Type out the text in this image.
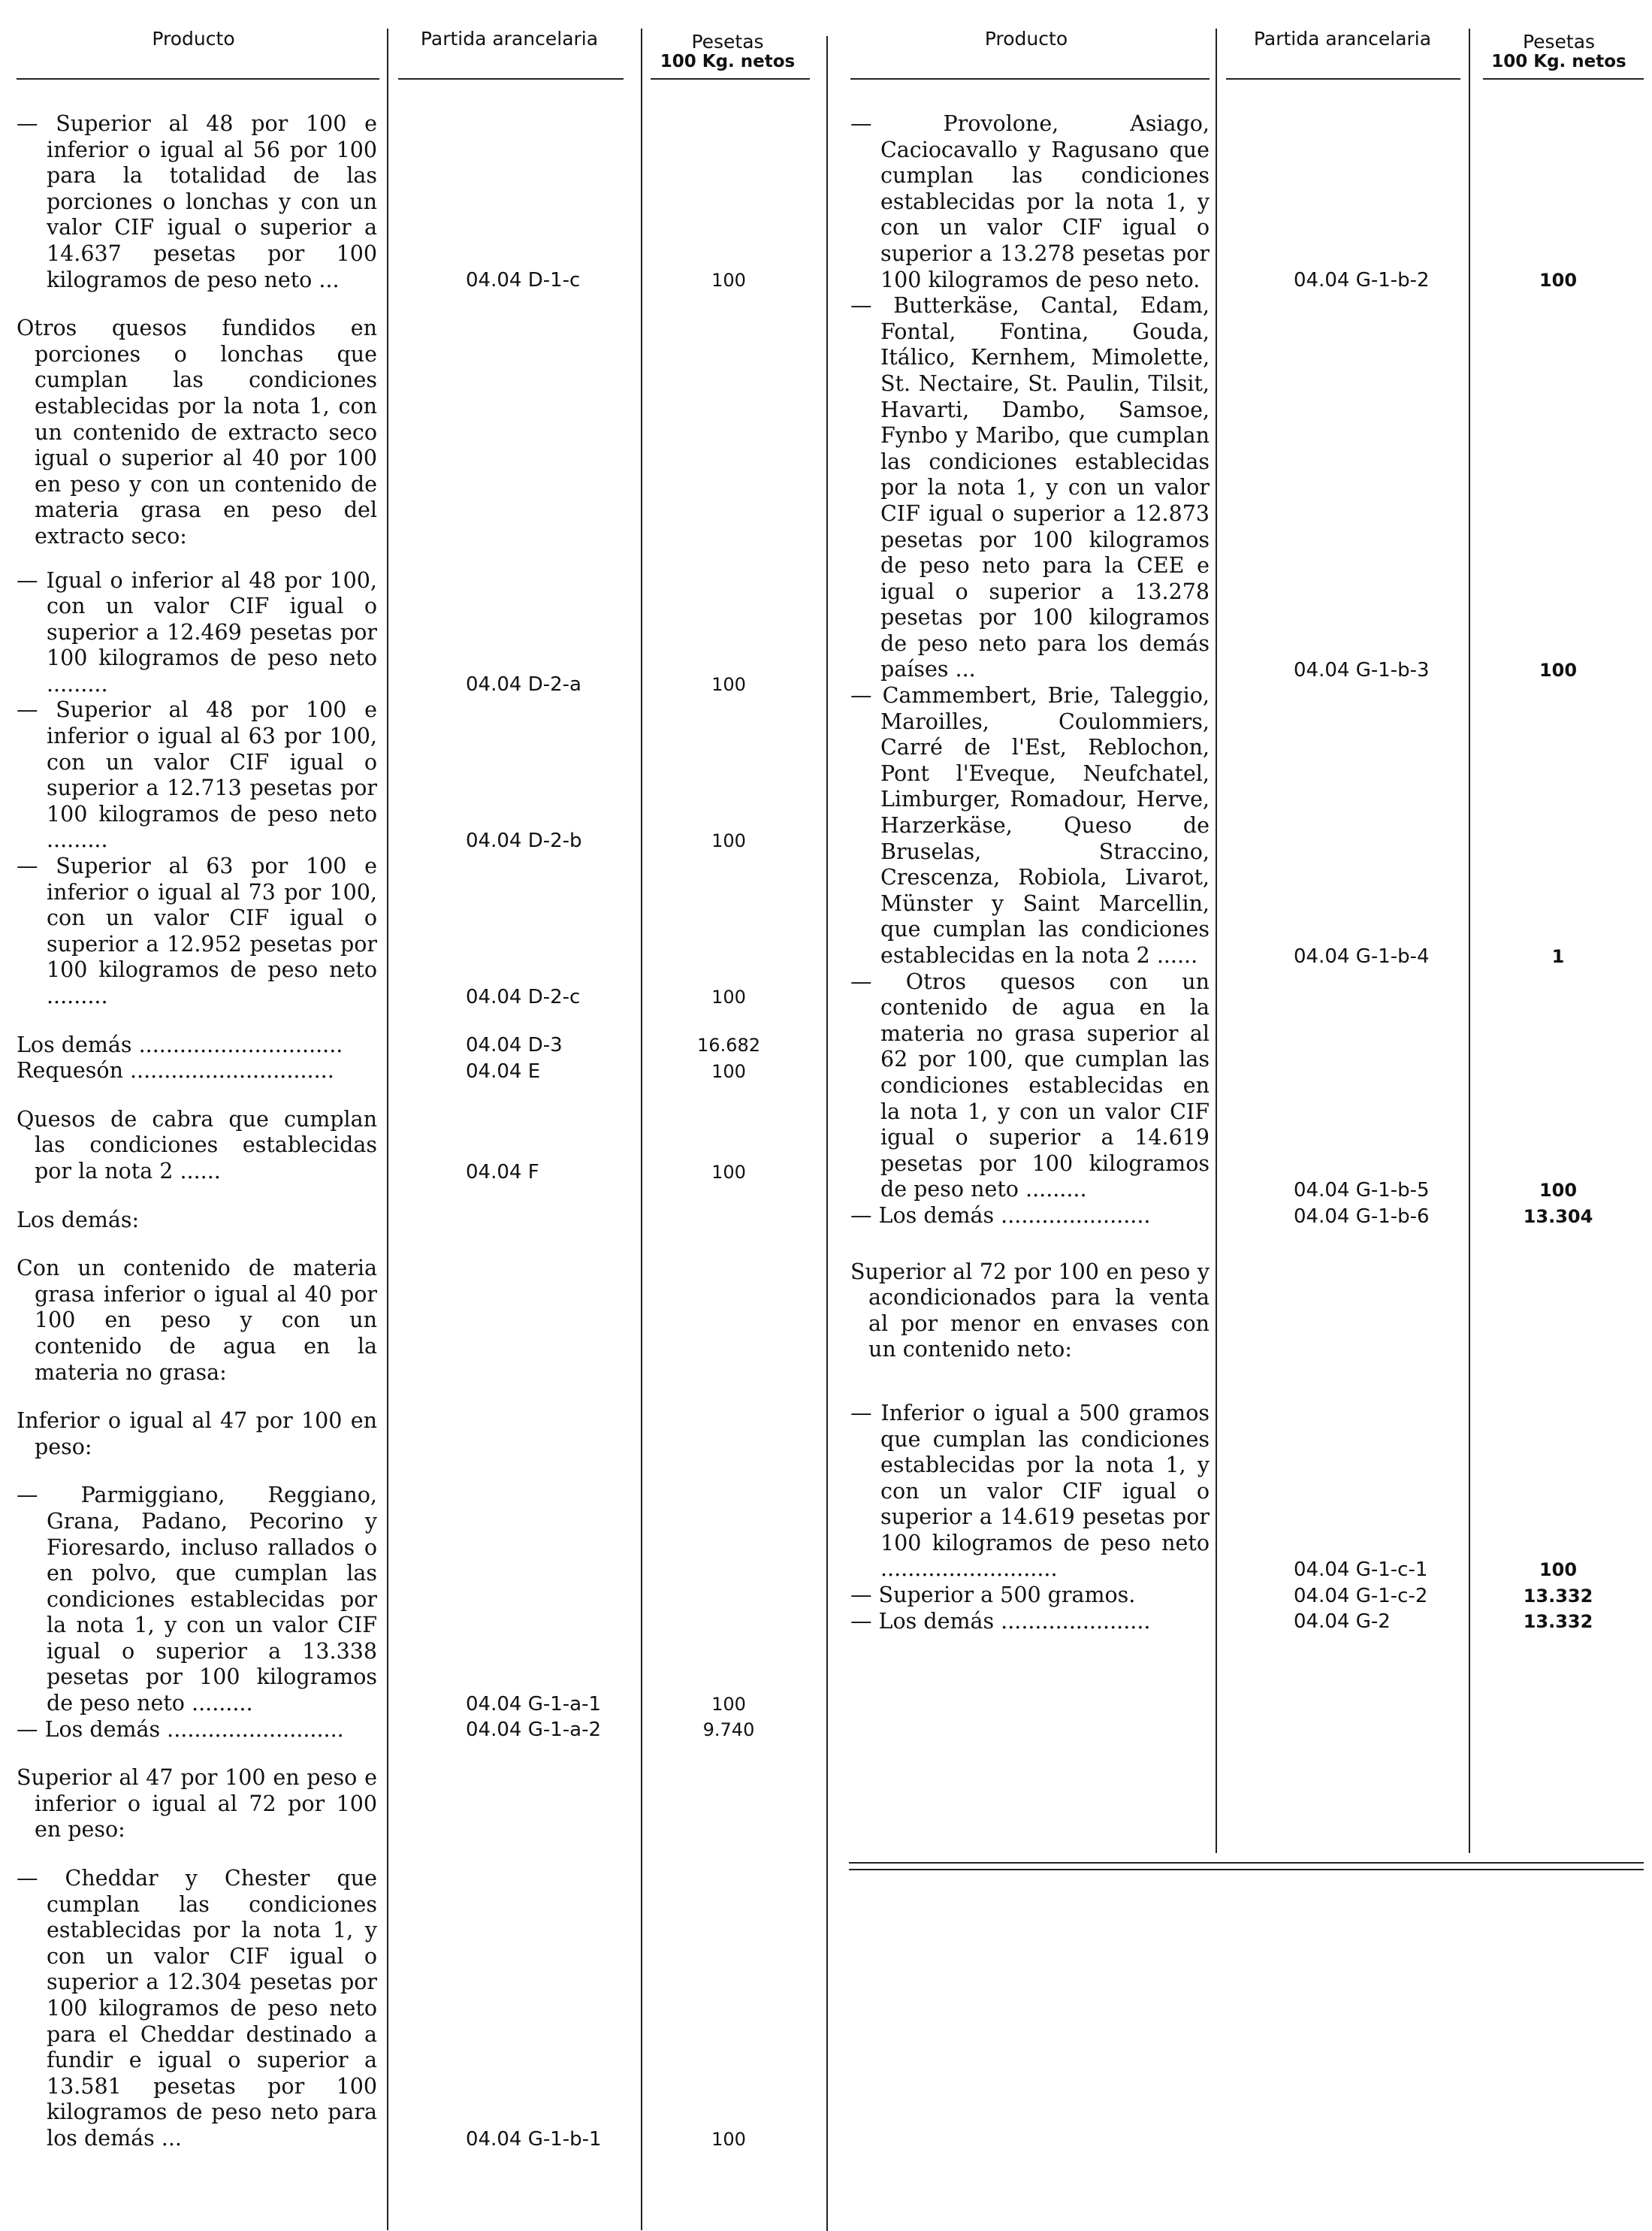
Producto	Partida arancelaria	Pesetas
100 Kg. netos
— Superior al 48 por 100 e inferior o igual al 56 por 100 para la totalidad de las porciones o lonchas y con un valor CIF igual o superior a 14.637 pesetas por 100 kilogramos de peso neto ...	04.04 D-1-c	100
Otros quesos fundidos en porciones o lonchas que cumplan las condiciones establecidas por la nota 1, con un contenido de extracto seco igual o superior al 40 por 100 en peso y con un contenido de materia grasa en peso del extracto seco:
— Igual o inferior al 48 por 100, con un valor CIF igual o superior a 12.469 pesetas por 100 kilogramos de peso neto .........	04.04 D-2-a	100
— Superior al 48 por 100 e inferior o igual al 63 por 100, con un valor CIF igual o superior a 12.713 pesetas por 100 kilogramos de peso neto .........	04.04 D-2-b	100
— Superior al 63 por 100 e inferior o igual al 73 por 100, con un valor CIF igual o superior a 12.952 pesetas por 100 kilogramos de peso neto .........	04.04 D-2-c	100
Los demás ..............................	04.04 D-3	16.682
Requesón ..............................	04.04 E	100
Quesos de cabra que cumplan las condiciones establecidas por la nota 2 ......	04.04 F	100
Los demás:
Con un contenido de materia grasa inferior o igual al 40 por 100 en peso y con un contenido de agua en la materia no grasa:
Inferior o igual al 47 por 100 en peso:
— Parmiggiano, Reggiano, Grana, Padano, Pecorino y Fioresardo, incluso rallados o en polvo, que cumplan las condiciones establecidas por la nota 1, y con un valor CIF igual o superior a 13.338 pesetas por 100 kilogramos de peso neto .........	04.04 G-1-a-1	100
— Los demás ..........................	04.04 G-1-a-2	9.740
Superior al 47 por 100 en peso e inferior o igual al 72 por 100 en peso:
— Cheddar y Chester que cumplan las condiciones establecidas por la nota 1, y con un valor CIF igual o superior a 12.304 pesetas por 100 kilogramos de peso neto para el Cheddar destinado a fundir e igual o superior a 13.581 pesetas por 100 kilogramos de peso neto para los demás ...	04.04 G-1-b-1	100
Producto	Partida arancelaria	Pesetas
100 Kg. netos
— Provolone, Asiago, Caciocavallo y Ragusano que cumplan las condiciones establecidas por la nota 1, y con un valor CIF igual o superior a 13.278 pesetas por 100 kilogramos de peso neto.	04.04 G-1-b-2	100
— Butterkäse, Cantal, Edam, Fontal, Fontina, Gouda, Itálico, Kernhem, Mimolette, St. Nectaire, St. Paulin, Tilsit, Havarti, Dambo, Samsoe, Fynbo y Maribo, que cumplan las condiciones establecidas por la nota 1, y con un valor CIF igual o superior a 12.873 pesetas por 100 kilogramos de peso neto para la CEE e igual o superior a 13.278 pesetas por 100 kilogramos de peso neto para los demás países ...	04.04 G-1-b-3	100
— Cammembert, Brie, Taleggio, Maroilles, Coulommiers, Carré de l'Est, Reblochon, Pont l'Eveque, Neufchatel, Limburger, Romadour, Herve, Harzerkäse, Queso de Bruselas, Straccino, Crescenza, Robiola, Livarot, Münster y Saint Marcellin, que cumplan las condiciones establecidas en la nota 2 ......	04.04 G-1-b-4	1
— Otros quesos con un contenido de agua en la materia no grasa superior al 62 por 100, que cumplan las condiciones establecidas en la nota 1, y con un valor CIF igual o superior a 14.619 pesetas por 100 kilogramos de peso neto .........	04.04 G-1-b-5	100
— Los demás ......................	04.04 G-1-b-6	13.304
Superior al 72 por 100 en peso y acondicionados para la venta al por menor en envases con un contenido neto:
— Inferior o igual a 500 gramos que cumplan las condiciones establecidas por la nota 1, y con un valor CIF igual o superior a 14.619 pesetas por 100 kilogramos de peso neto ..........................	04.04 G-1-c-1	100
— Superior a 500 gramos.	04.04 G-1-c-2	13.332
— Los demás ......................	04.04 G-2	13.332
